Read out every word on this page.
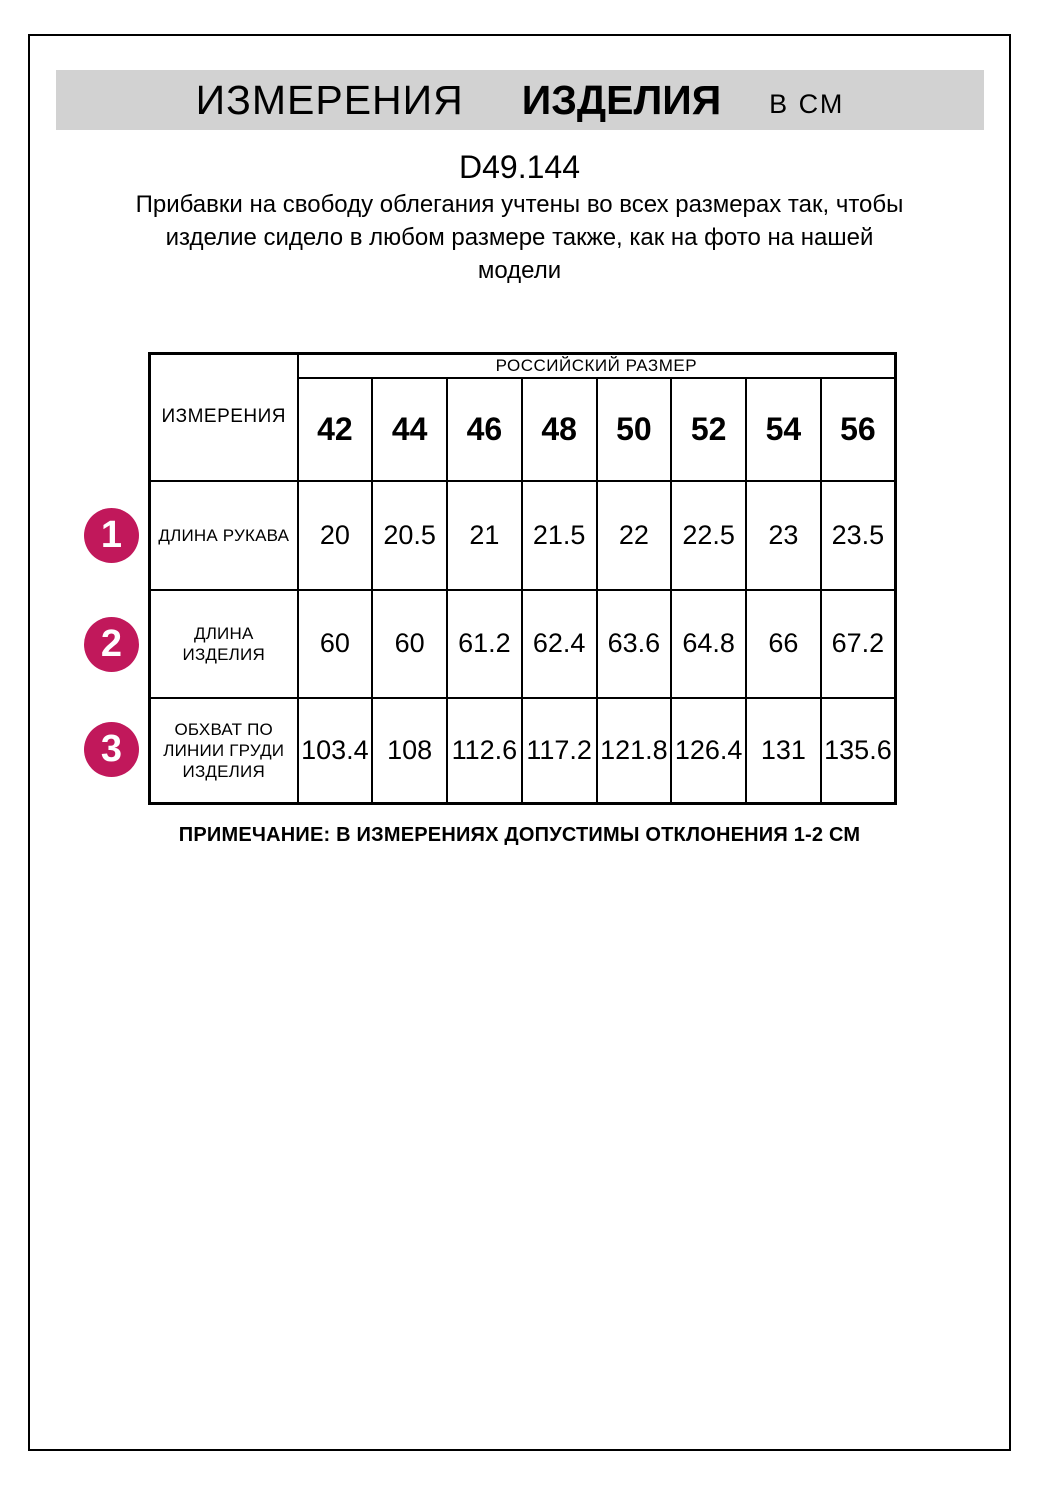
ИЗМЕРЕНИЯ ИЗДЕЛИЯ В СМ
D49.144
Прибавки на свободу облегания учтены во всех размерах так, чтобы
изделие сидело в любом размере также, как на фото на нашей
модели
ИЗМЕРЕНИЯ	РОССИЙСКИЙ РАЗМЕР							
	42	44	46	48	50	52	54	56
ДЛИНА РУКАВА	20	20.5	21	21.5	22	22.5	23	23.5
ДЛИНА ИЗДЕЛИЯ	60	60	61.2	62.4	63.6	64.8	66	67.2
ОБХВАТ ПО ЛИНИИ ГРУДИ ИЗДЕЛИЯ	103.4	108	112.6	117.2	121.8	126.4	131	135.6
1
2
3
ПРИМЕЧАНИЕ: В ИЗМЕРЕНИЯХ ДОПУСТИМЫ ОТКЛОНЕНИЯ 1-2 СМ
